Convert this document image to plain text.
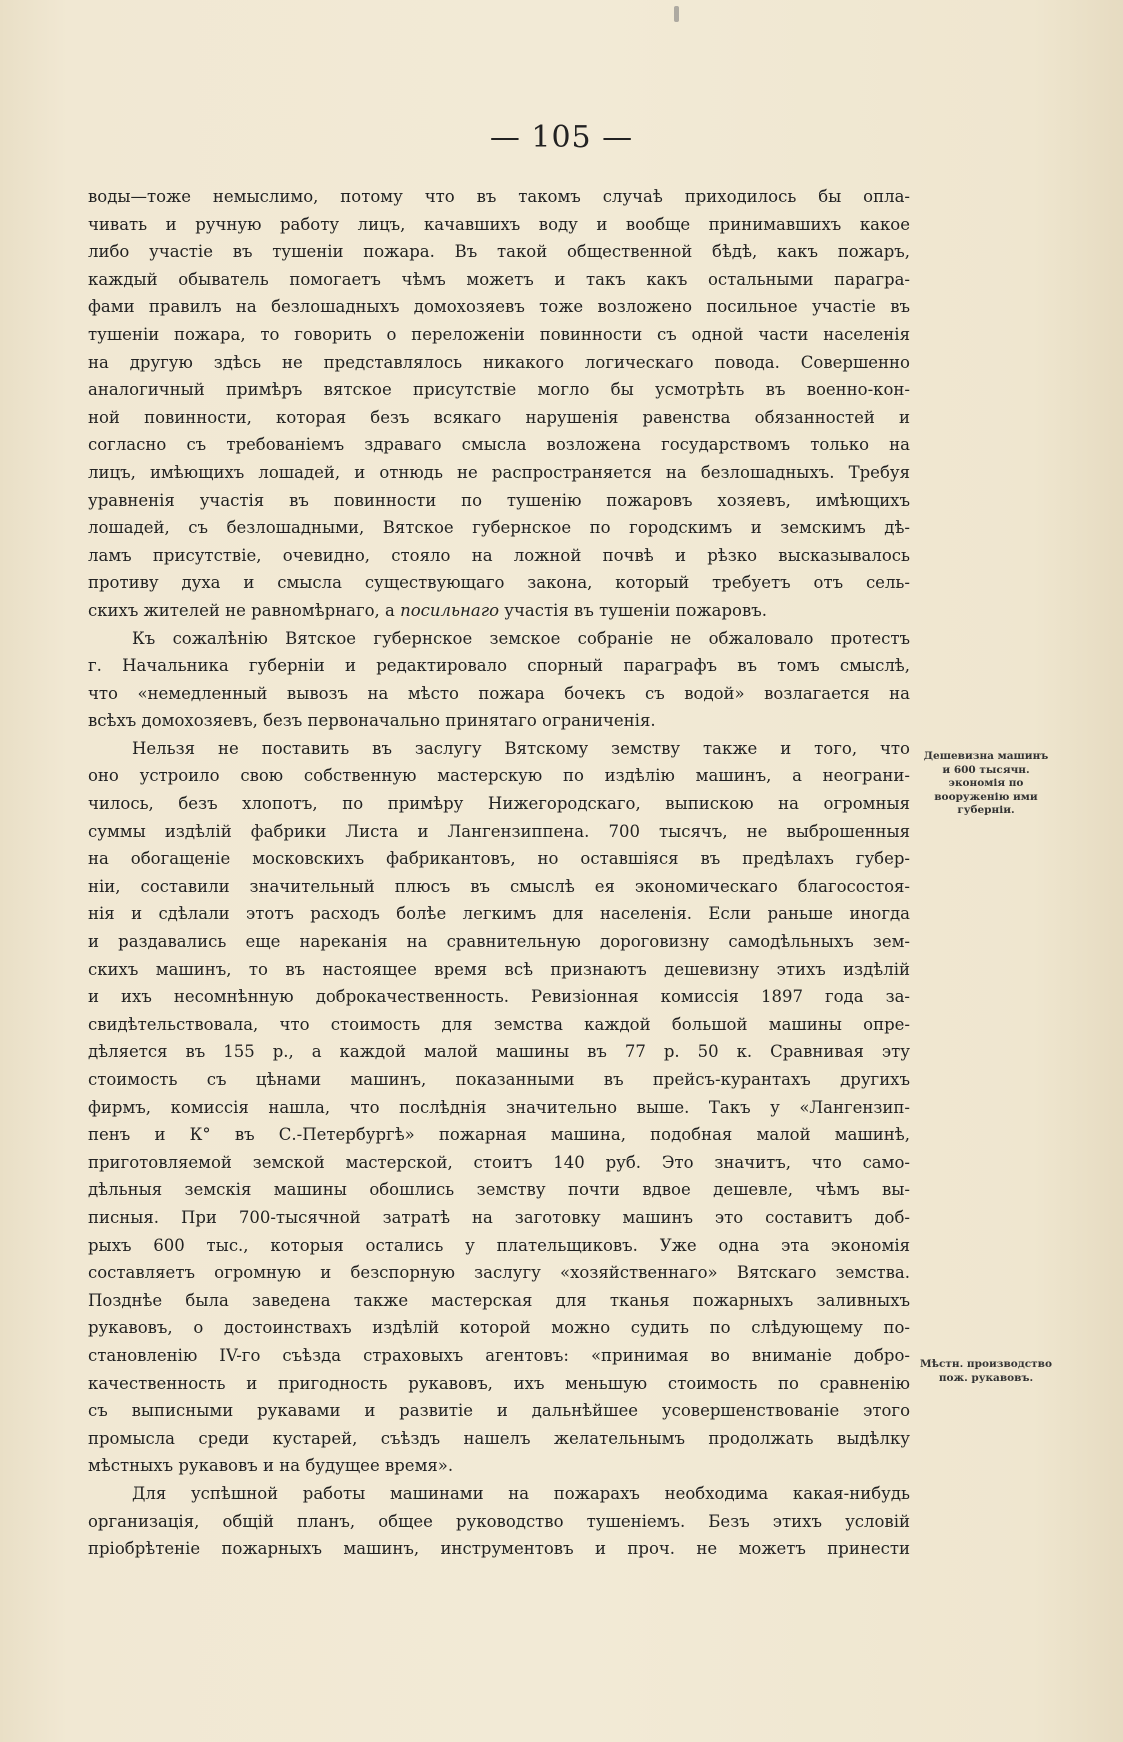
— 105 —
воды—тоже немыслимо, потому что въ такомъ случаѣ приходилось бы опла-
чивать и ручную работу лицъ, качавшихъ воду и вообще принимавшихъ какое
либо участіе въ тушеніи пожара. Въ такой общественной бѣдѣ, какъ пожаръ,
каждый обыватель помогаетъ чѣмъ можетъ и такъ какъ остальными парагра-
фами правилъ на безлошадныхъ домохозяевъ тоже возложено посильное участіе въ
тушеніи пожара, то говорить о переложеніи повинности съ одной части населенія
на другую здѣсь не представлялось никакого логическаго повода. Совершенно
аналогичный примѣръ вятское присутствіе могло бы усмотрѣть въ военно-кон-
ной повинности, которая безъ всякаго нарушенія равенства обязанностей и
согласно съ требованіемъ здраваго смысла возложена государствомъ только на
лицъ, имѣющихъ лошадей, и отнюдь не распространяется на безлошадныхъ. Требуя
уравненія участія въ повинности по тушенію пожаровъ хозяевъ, имѣющихъ
лошадей, съ безлошадными, Вятское губернское по городскимъ и земскимъ дѣ-
ламъ присутствіе, очевидно, стояло на ложной почвѣ и рѣзко высказывалось
противу духа и смысла существующаго закона, который требуетъ отъ сель-
скихъ жителей не равномѣрнаго, а посильнаго участія въ тушеніи пожаровъ.
Къ сожалѣнію Вятское губернское земское собраніе не обжаловало протестъ
г. Начальника губерніи и редактировало спорный параграфъ въ томъ смыслѣ,
что «немедленный вывозъ на мѣсто пожара бочекъ съ водой» возлагается на
всѣхъ домохозяевъ, безъ первоначально принятаго ограниченія.
Нельзя не поставить въ заслугу Вятскому земству также и того, что
оно устроило свою собственную мастерскую по издѣлію машинъ, а неограни-
чилось, безъ хлопотъ, по примѣру Нижегородскаго, выпискою на огромныя
суммы издѣлій фабрики Листа и Лангензиппена. 700 тысячъ, не выброшенныя
на обогащеніе московскихъ фабрикантовъ, но оставшіяся въ предѣлахъ губер-
ніи, составили значительный плюсъ въ смыслѣ ея экономическаго благосостоя-
нія и сдѣлали этотъ расходъ болѣе легкимъ для населенія. Если раньше иногда
и раздавались еще нареканія на сравнительную дороговизну самодѣльныхъ зем-
скихъ машинъ, то въ настоящее время всѣ признаютъ дешевизну этихъ издѣлій
и ихъ несомнѣнную доброкачественность. Ревизіонная комиссія 1897 года за-
свидѣтельствовала, что стоимость для земства каждой большой машины опре-
дѣляется въ 155 р., а каждой малой машины въ 77 р. 50 к. Сравнивая эту
стоимость съ цѣнами машинъ, показанными въ прейсъ-курантахъ другихъ
фирмъ, комиссія нашла, что послѣднія значительно выше. Такъ у «Лангензип-
пенъ и К° въ С.-Петербургѣ» пожарная машина, подобная малой машинѣ,
приготовляемой земской мастерской, стоитъ 140 руб. Это значитъ, что само-
дѣльныя земскія машины обошлись земству почти вдвое дешевле, чѣмъ вы-
писныя. При 700-тысячной затратѣ на заготовку машинъ это составитъ доб-
рыхъ 600 тыс., которыя остались у плательщиковъ. Уже одна эта экономія
составляетъ огромную и безспорную заслугу «хозяйственнаго» Вятскаго земства.
Позднѣе была заведена также мастерская для тканья пожарныхъ заливныхъ
рукавовъ, о достоинствахъ издѣлій которой можно судить по слѣдующему по-
становленію IV-го съѣзда страховыхъ агентовъ: «принимая во вниманіе добро-
качественность и пригодность рукавовъ, ихъ меньшую стоимость по сравненію
съ выписными рукавами и развитіе и дальнѣйшее усовершенствованіе этого
промысла среди кустарей, съѣздъ нашелъ желательнымъ продолжать выдѣлку
мѣстныхъ рукавовъ и на будущее время».
Для успѣшной работы машинами на пожарахъ необходима какая-нибудь
организація, общій планъ, общее руководство тушеніемъ. Безъ этихъ условій
пріобрѣтеніе пожарныхъ машинъ, инструментовъ и проч. не можетъ принести
Дешевизна машинъ и 600 тысячн. экономія по вооруженію ими губерніи.
Мѣстн. производство пож. рукавовъ.
